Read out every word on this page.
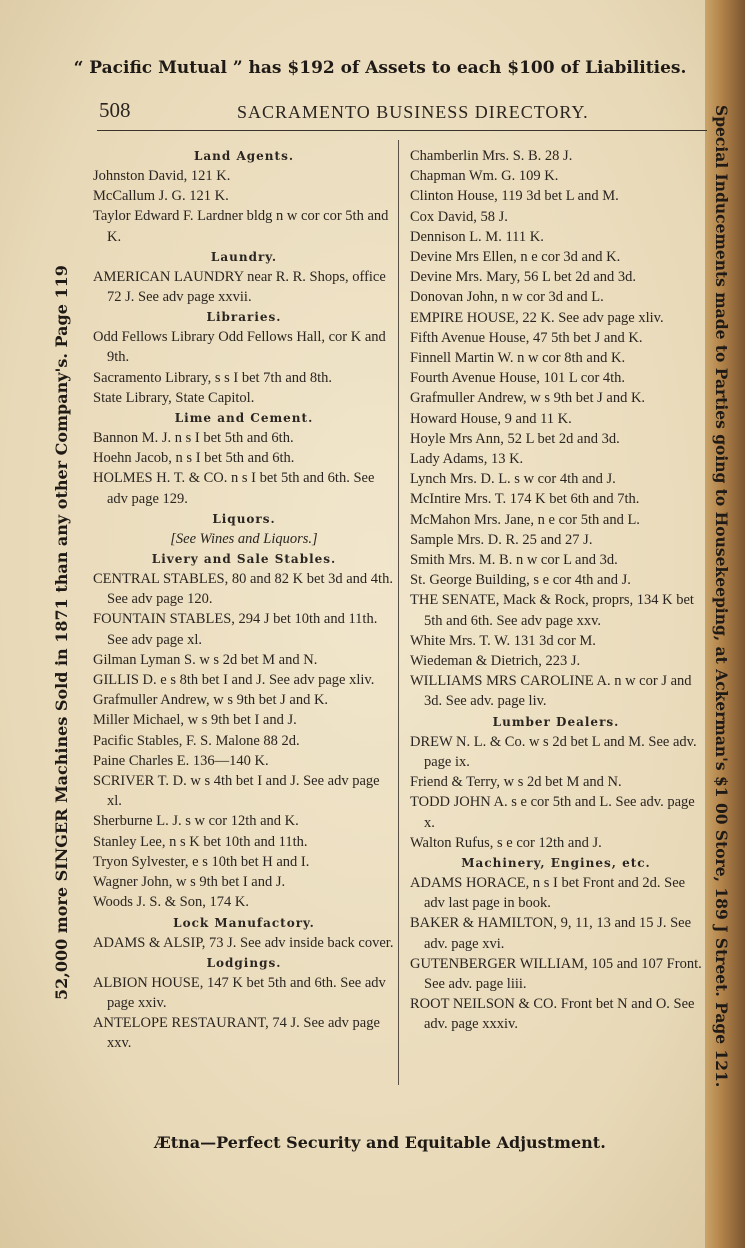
“ Pacific Mutual ” has $192 of Assets to each $100 of Liabilities.
52,000 more SINGER Machines Sold in 1871 than any other Company's. Page 119	Special Inducements made to Parties going to Housekeeping, at Ackerman's $1 00 Store, 189 J Street. Page 121.
508	SACRAMENTO BUSINESS DIRECTORY.
Land Agents.
Johnston David, 121 K.
McCallum J. G. 121 K.
Taylor Edward F. Lardner bldg n w cor cor 5th and K.
Laundry.
AMERICAN LAUNDRY near R. R. Shops, office 72 J. See adv page xxvii.
Libraries.
Odd Fellows Library Odd Fellows Hall, cor K and 9th.
Sacramento Library, s s I bet 7th and 8th.
State Library, State Capitol.
Lime and Cement.
Bannon M. J. n s I bet 5th and 6th.
Hoehn Jacob, n s I bet 5th and 6th.
HOLMES H. T. & CO. n s I bet 5th and 6th. See adv page 129.
Liquors.
[See Wines and Liquors.]
Livery and Sale Stables.
CENTRAL STABLES, 80 and 82 K bet 3d and 4th. See adv page 120.
FOUNTAIN STABLES, 294 J bet 10th and 11th. See adv page xl.
Gilman Lyman S. w s 2d bet M and N.
GILLIS D. e s 8th bet I and J. See adv page xliv.
Grafmuller Andrew, w s 9th bet J and K.
Miller Michael, w s 9th bet I and J.
Pacific Stables, F. S. Malone 88 2d.
Paine Charles E. 136—140 K.
SCRIVER T. D. w s 4th bet I and J. See adv page xl.
Sherburne L. J. s w cor 12th and K.
Stanley Lee, n s K bet 10th and 11th.
Tryon Sylvester, e s 10th bet H and I.
Wagner John, w s 9th bet I and J.
Woods J. S. & Son, 174 K.
Lock Manufactory.
ADAMS & ALSIP, 73 J. See adv inside back cover.
Lodgings.
ALBION HOUSE, 147 K bet 5th and 6th. See adv page xxiv.
ANTELOPE RESTAURANT, 74 J. See adv page xxv.
Chamberlin Mrs. S. B. 28 J.
Chapman Wm. G. 109 K.
Clinton House, 119 3d bet L and M.
Cox David, 58 J.
Dennison L. M. 111 K.
Devine Mrs Ellen, n e cor 3d and K.
Devine Mrs. Mary, 56 L bet 2d and 3d.
Donovan John, n w cor 3d and L.
EMPIRE HOUSE, 22 K. See adv page xliv.
Fifth Avenue House, 47 5th bet J and K.
Finnell Martin W. n w cor 8th and K.
Fourth Avenue House, 101 L cor 4th.
Grafmuller Andrew, w s 9th bet J and K.
Howard House, 9 and 11 K.
Hoyle Mrs Ann, 52 L bet 2d and 3d.
Lady Adams, 13 K.
Lynch Mrs. D. L. s w cor 4th and J.
McIntire Mrs. T. 174 K bet 6th and 7th.
McMahon Mrs. Jane, n e cor 5th and L.
Sample Mrs. D. R. 25 and 27 J.
Smith Mrs. M. B. n w cor L and 3d.
St. George Building, s e cor 4th and J.
THE SENATE, Mack & Rock, proprs, 134 K bet 5th and 6th. See adv page xxv.
White Mrs. T. W. 131 3d cor M.
Wiedeman & Dietrich, 223 J.
WILLIAMS MRS CAROLINE A. n w cor J and 3d. See adv. page liv.
Lumber Dealers.
DREW N. L. & Co. w s 2d bet L and M. See adv. page ix.
Friend & Terry, w s 2d bet M and N.
TODD JOHN A. s e cor 5th and L. See adv. page x.
Walton Rufus, s e cor 12th and J.
Machinery, Engines, etc.
ADAMS HORACE, n s I bet Front and 2d. See adv last page in book.
BAKER & HAMILTON, 9, 11, 13 and 15 J. See adv. page xvi.
GUTENBERGER WILLIAM, 105 and 107 Front. See adv. page liii.
ROOT NEILSON & CO. Front bet N and O. See adv. page xxxiv.
Ætna—Perfect Security and Equitable Adjustment.
